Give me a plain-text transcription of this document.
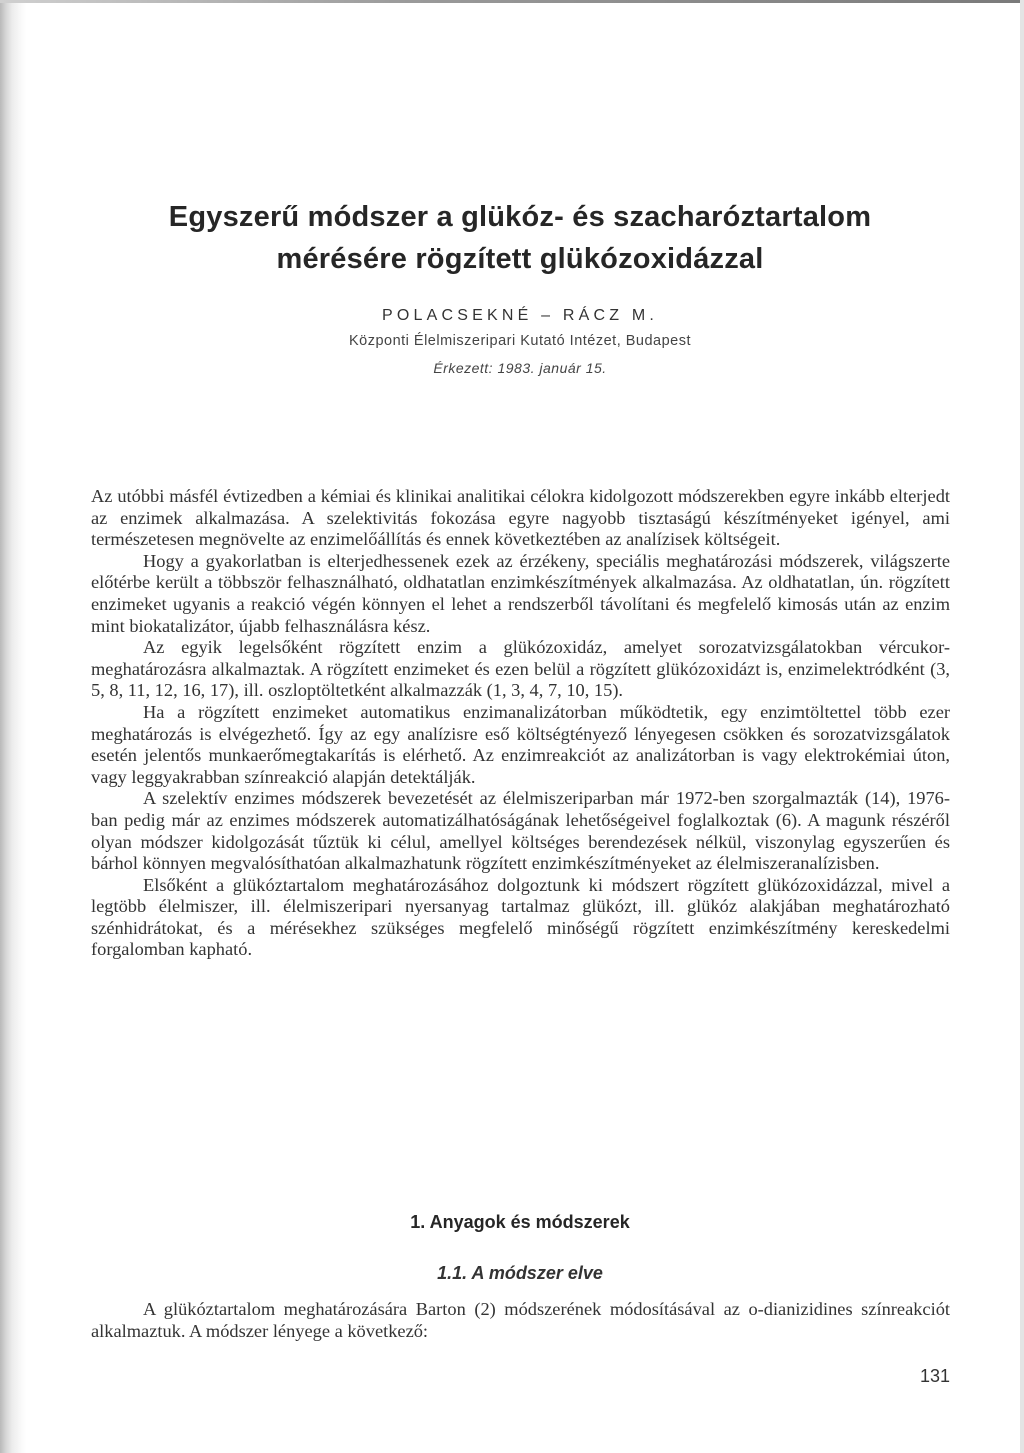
Egyszerű módszer a glükóz- és szacharóztartalom
mérésére rögzített glükózoxidázzal
POLACSEKNÉ – RÁCZ M.
Központi Élelmiszeripari Kutató Intézet, Budapest
Érkezett: 1983. január 15.

Az utóbbi másfél évtizedben a kémiai és klinikai analitikai célokra kidolgozott módszerekben egyre inkább elterjedt az enzimek alkalmazása. A szelektivitás fokozása egyre nagyobb tisztaságú készítményeket igényel, ami természetesen megnövelte az enzimelőállítás és ennek következtében az analízisek költségeit.

Hogy a gyakorlatban is elterjedhessenek ezek az érzékeny, speciális meghatározási módszerek, világszerte előtérbe került a többször felhasználható, oldhatatlan enzimkészítmények alkalmazása. Az oldhatatlan, ún. rögzített enzimeket ugyanis a reakció végén könnyen el lehet a rendszerből távolítani és megfelelő kimosás után az enzim mint biokatalizátor, újabb felhasználásra kész.

Az egyik legelsőként rögzített enzim a glükózoxidáz, amelyet sorozatvizsgálatokban vércukor-meghatározásra alkalmaztak. A rögzített enzimeket és ezen belül a rögzített glükózoxidázt is, enzimelektródként (3, 5, 8, 11, 12, 16, 17), ill. oszloptöltetként alkalmazzák (1, 3, 4, 7, 10, 15).

Ha a rögzített enzimeket automatikus enzimanalizátorban működtetik, egy enzimtöltettel több ezer meghatározás is elvégezhető. Így az egy analízisre eső költségtényező lényegesen csökken és sorozatvizsgálatok esetén jelentős munkaerőmegtakarítás is elérhető. Az enzimreakciót az analizátorban is vagy elektrokémiai úton, vagy leggyakrabban színreakció alapján detektálják.

A szelektív enzimes módszerek bevezetését az élelmiszeriparban már 1972-ben szorgalmazták (14), 1976-ban pedig már az enzimes módszerek automatizálhatóságának lehetőségeivel foglalkoztak (6). A magunk részéről olyan módszer kidolgozását tűztük ki célul, amellyel költséges berendezések nélkül, viszonylag egyszerűen és bárhol könnyen megvalósíthatóan alkalmazhatunk rögzített enzimkészítményeket az élelmiszeranalízisben.

Elsőként a glükóztartalom meghatározásához dolgoztunk ki módszert rögzített glükózoxidázzal, mivel a legtöbb élelmiszer, ill. élelmiszeripari nyersanyag tartalmaz glükózt, ill. glükóz alakjában meghatározható szénhidrátokat, és a mérésekhez szükséges megfelelő minőségű rögzített enzimkészítmény kereskedelmi forgalomban kapható.

1. Anyagok és módszerek
1.1. A módszer elve

A glükóztartalom meghatározására Barton (2) módszerének módosításával az o-dianizidines színreakciót alkalmaztuk. A módszer lényege a következő:

131
